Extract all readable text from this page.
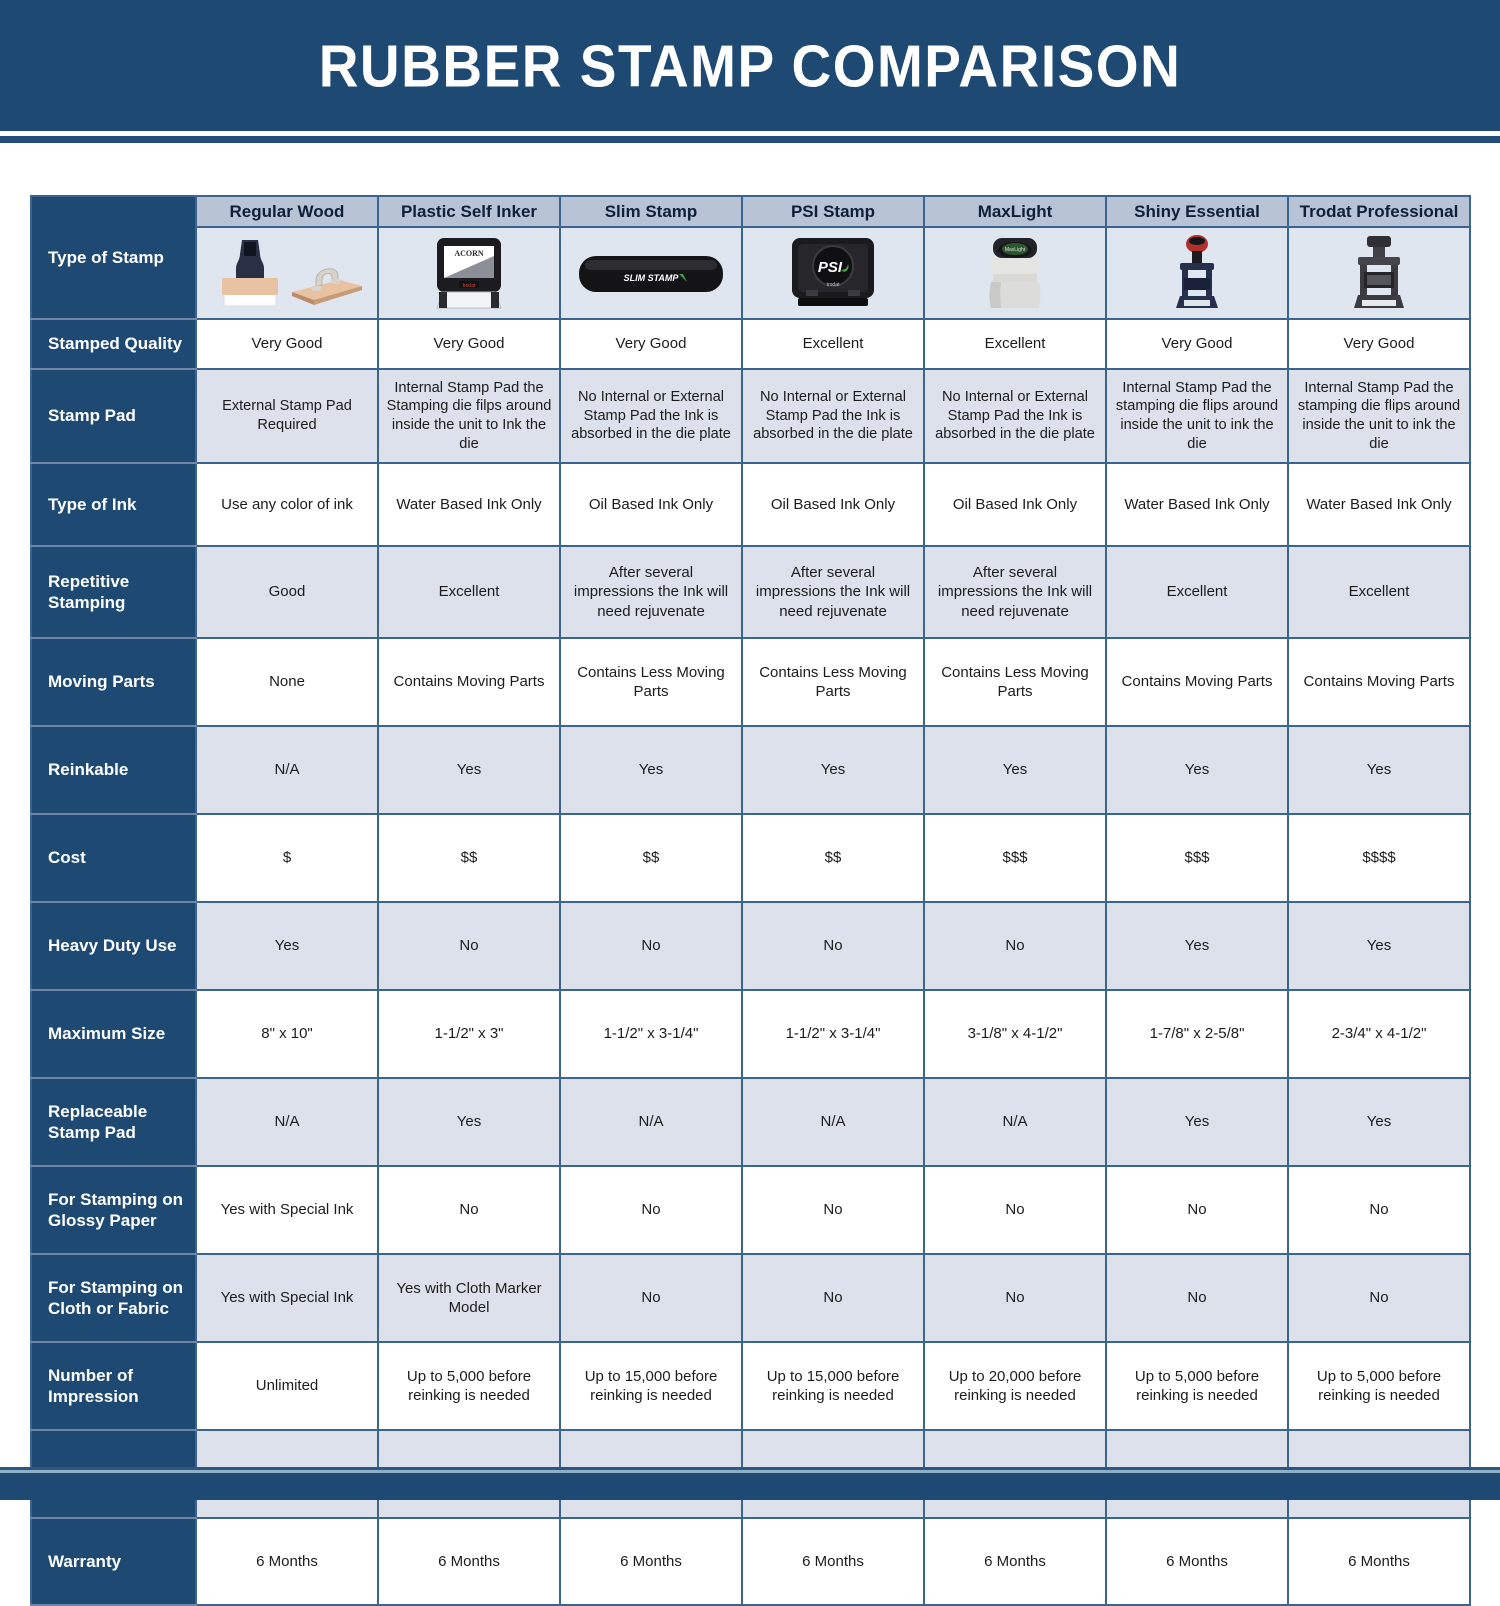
RUBBER STAMP COMPARISON
Type of Stamp	Regular Wood	Plastic Self Inker	Slim Stamp	PSI Stamp	MaxLight	Shiny Essential	Trodat Professional

ACORN
trodat	SLIM STAMP	PSI
trodat	MaxLight

Stamped Quality	Very Good	Very Good	Very Good	Excellent	Excellent	Very Good	Very Good
Stamp Pad	External Stamp Pad Required	Internal Stamp Pad the Stamping die filps around inside the unit to Ink the die	No Internal or External Stamp Pad the Ink is absorbed in the die plate	No Internal or External Stamp Pad the Ink is absorbed in the die plate	No Internal or External Stamp Pad the Ink is absorbed in the die plate	Internal Stamp Pad the stamping die flips around inside the unit to ink the die	Internal Stamp Pad the stamping die flips around inside the unit to ink the die
Type of Ink	Use any color of ink	Water Based Ink Only	Oil Based Ink Only	Oil Based Ink Only	Oil Based Ink Only	Water Based Ink Only	Water Based Ink Only
Repetitive Stamping	Good	Excellent	After several impressions the Ink will need rejuvenate	After several impressions the Ink will need rejuvenate	After several impressions the Ink will need rejuvenate	Excellent	Excellent
Moving Parts	None	Contains Moving Parts	Contains Less Moving Parts	Contains Less Moving Parts	Contains Less Moving Parts	Contains Moving Parts	Contains Moving Parts
Reinkable	N/A	Yes	Yes	Yes	Yes	Yes	Yes
Cost	$	$$	$$	$$	$$$	$$$	$$$$
Heavy Duty Use	Yes	No	No	No	No	Yes	Yes
Maximum Size	8" x 10"	1-1/2" x 3"	1-1/2" x 3-1/4"	1-1/2" x 3-1/4"	3-1/8" x 4-1/2"	1-7/8" x 2-5/8"	2-3/4" x 4-1/2"
Replaceable Stamp Pad	N/A	Yes	N/A	N/A	N/A	Yes	Yes
For Stamping on Glossy Paper	Yes with Special Ink	No	No	No	No	No	No
For Stamping on Cloth or Fabric	Yes with Special Ink	Yes with Cloth Marker Model	No	No	No	No	No
Number of Impression	Unlimited	Up to 5,000 before reinking is needed	Up to 15,000 before reinking is needed	Up to 15,000 before reinking is needed	Up to 20,000 before reinking is needed	Up to 5,000 before reinking is needed	Up to 5,000 before reinking is needed

Warranty	6 Months	6 Months	6 Months	6 Months	6 Months	6 Months	6 Months
